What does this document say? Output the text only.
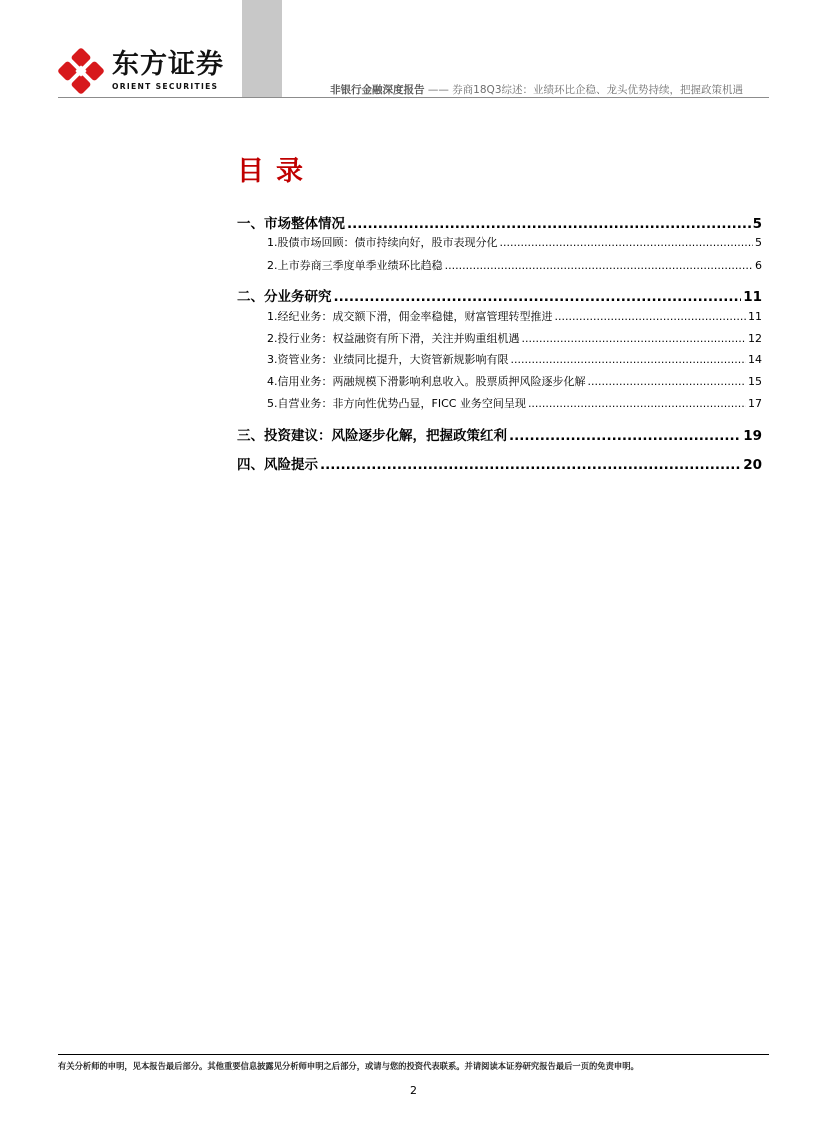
东方证券
ORIENT SECURITIES	非银行金融深度报告 —— 券商18Q3综述：业绩环比企稳、龙头优势持续，把握政策机遇
目录
一、 市场整体情况 .....	5
1. 股债市场回顾：债市持续向好，股市表现分化 .....	5
2. 上市券商三季度单季业绩环比趋稳 .....	6
二、 分业务研究 .....	11
1. 经纪业务：成交额下滑，佣金率稳健，财富管理转型推进 .....	11
2. 投行业务：权益融资有所下滑，关注并购重组机遇 .....	12
3. 资管业务：业绩同比提升，大资管新规影响有限 .....	14
4. 信用业务：两融规模下滑影响利息收入。股票质押风险逐步化解 .....	15
5. 自营业务：非方向性优势凸显，FICC 业务空间呈现 .....	17
三、 投资建议：风险逐步化解，把握政策红利 .....	19
四、 风险提示 .....	20
有关分析师的申明，见本报告最后部分。其他重要信息披露见分析师申明之后部分，或请与您的投资代表联系。并请阅读本证券研究报告最后一页的免责申明。
2
